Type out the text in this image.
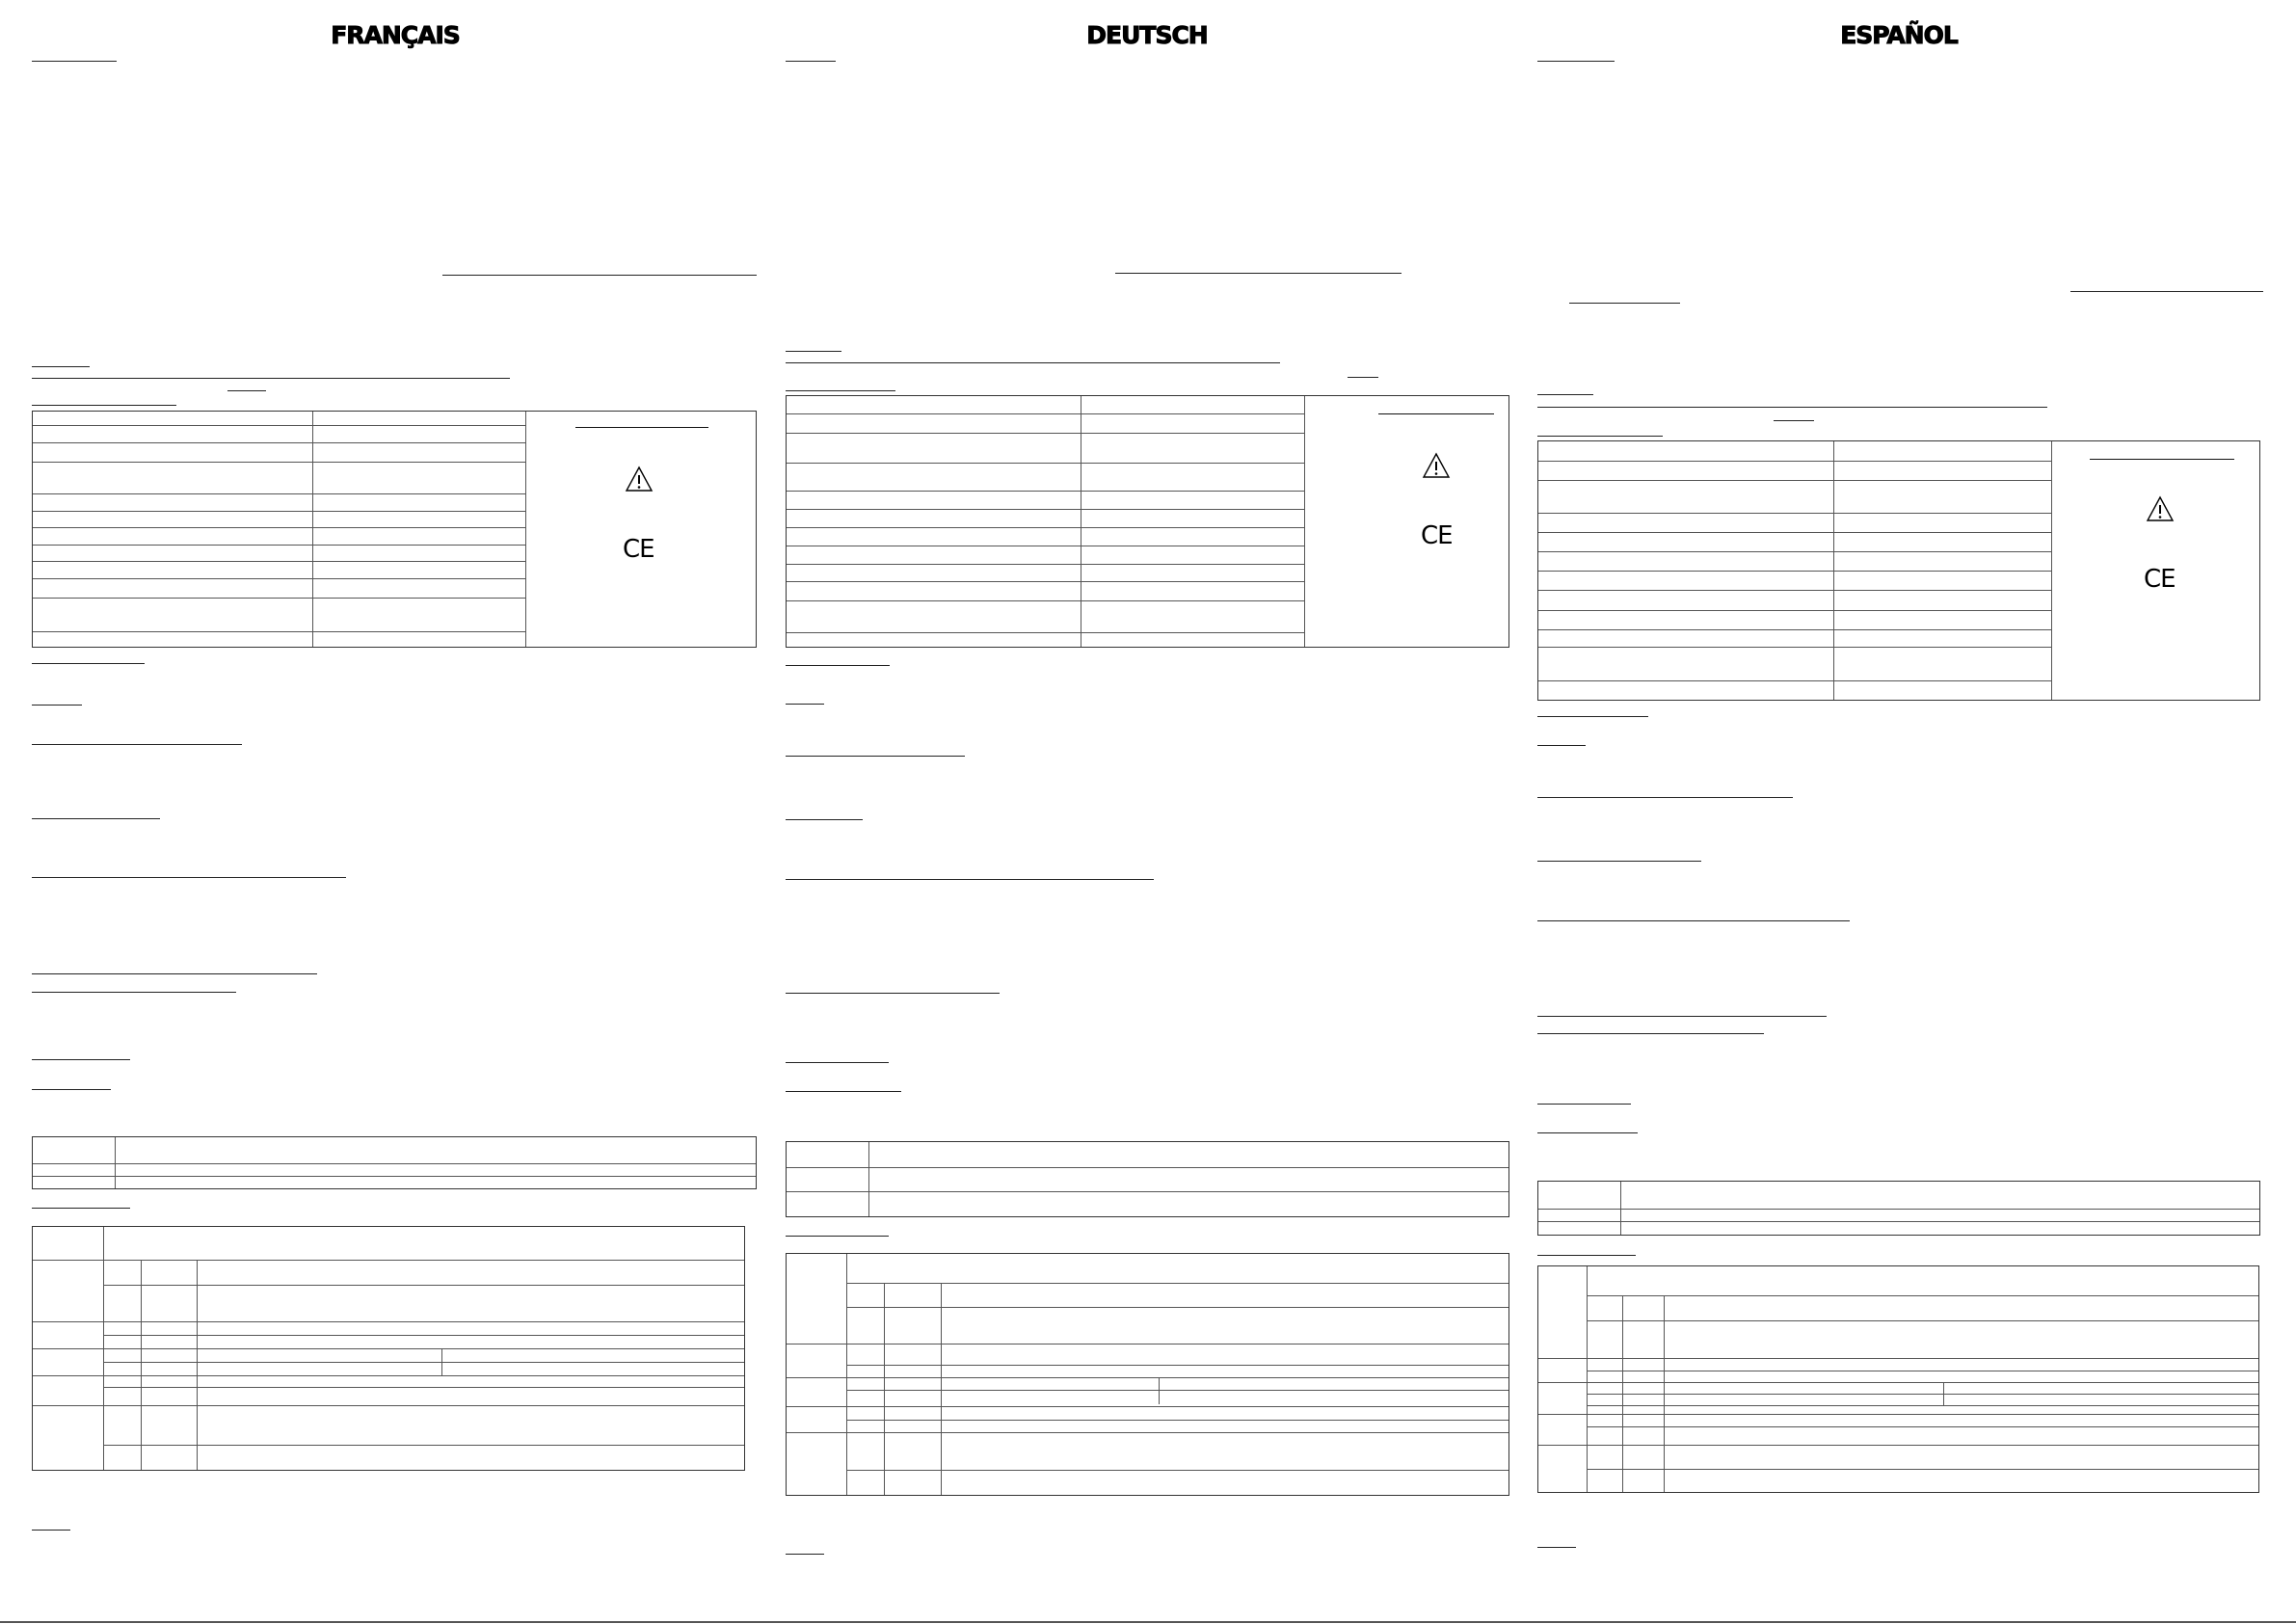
FRANÇAIS
CE
DEUTSCH
CE
ESPAÑOL
CE
